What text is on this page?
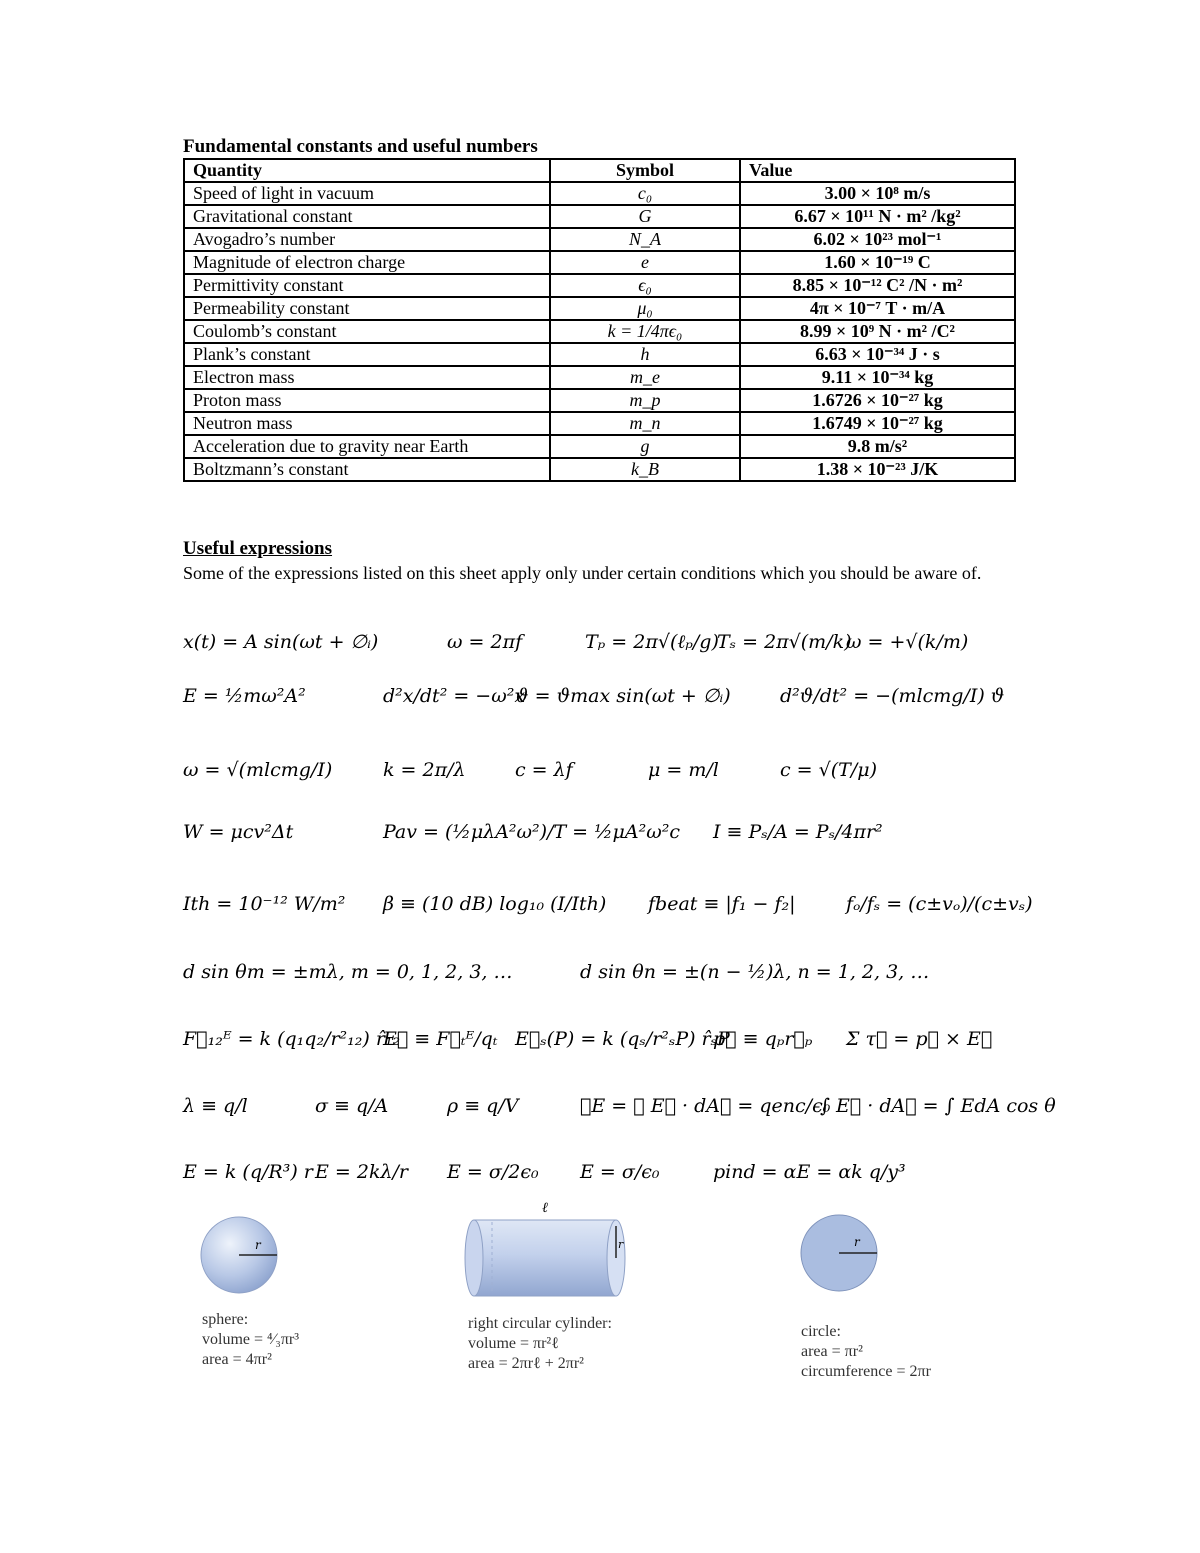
Fundamental constants and useful numbers
Quantity	Symbol	Value
Speed of light in vacuum	c₀	3.00 × 10⁸ m/s
Gravitational constant	G	6.67 × 10¹¹ N · m² /kg²
Avogadro’s number	N_A	6.02 × 10²³ mol⁻¹
Magnitude of electron charge	e	1.60 × 10⁻¹⁹ C
Permittivity constant	ϵ₀	8.85 × 10⁻¹² C² /N · m²
Permeability constant	μ₀	4π × 10⁻⁷ T · m/A
Coulomb’s constant	k = 1/4πϵ₀	8.99 × 10⁹ N · m² /C²
Plank’s constant	h	6.63 × 10⁻³⁴ J · s
Electron mass	m_e	9.11 × 10⁻³⁴ kg
Proton mass	m_p	1.6726 × 10⁻²⁷ kg
Neutron mass	m_n	1.6749 × 10⁻²⁷ kg
Acceleration due to gravity near Earth	g	9.8 m/s²
Boltzmann’s constant	k_B	1.38 × 10⁻²³ J/K
Useful expressions
Some of the expressions listed on this sheet apply only under certain conditions which you should be aware of.
x(t) = A sin(ωt + ∅ᵢ)	ω = 2πf	Tₚ = 2π√(ℓₚ/g)
Tₛ = 2π√(m/k)
ω = +√(k/m)
E = ½mω²A²	d²x/dt² = −ω²x
ϑ = ϑmax sin(ωt + ∅ᵢ)	d²ϑ/dt² = −(mlcmg/I) ϑ
ω = √(mlcmg/I)	k = 2π/λ	c = λf	μ = m/l	c = √(T/μ)
W = μcv²Δt	Pav = (½μλA²ω²)/T = ½μA²ω²c I ≡ Pₛ/A = Pₛ/4πr²
Ith = 10⁻¹² W/m² β ≡ (10 dB) log₁₀ (I/Ith) fbeat ≡ |f₁ − f₂|	fₒ/fₛ = (c±vₒ)/(c±vₛ)
d sin θm = ±mλ, m = 0, 1, 2, 3, …	d sin θn = ±(n − ½)λ, n = 1, 2, 3, …
F⃗₁₂ᴱ = k (q₁q₂/r²₁₂) r̂₁₂
E⃗ ≡ F⃗ₜᴱ/qₜ E⃗ₛ(P) = k (qₛ/r²ₛP) r̂ₛP
p⃗ ≡ qₚr⃗ₚ Σ τ⃗ = p⃗ × E⃗
λ ≡ q/l	σ ≡ q/A	ρ ≡ q/V	∅E = ∮ E⃗ · dA⃗ = qenc/ϵ₀
∫ E⃗ · dA⃗ = ∫ EdA cos θ
E = k (q/R³) r E = 2kλ/r E = σ/2ϵ₀ E = σ/ϵ₀	pind = αE = αk q/y³
r
sphere:
volume = ⁴⁄₃πr³
area = 4πr²
ℓ
r
right circular cylinder:
volume = πr²ℓ
area = 2πrℓ + 2πr²
r
circle:
area = πr²
circumference = 2πr
